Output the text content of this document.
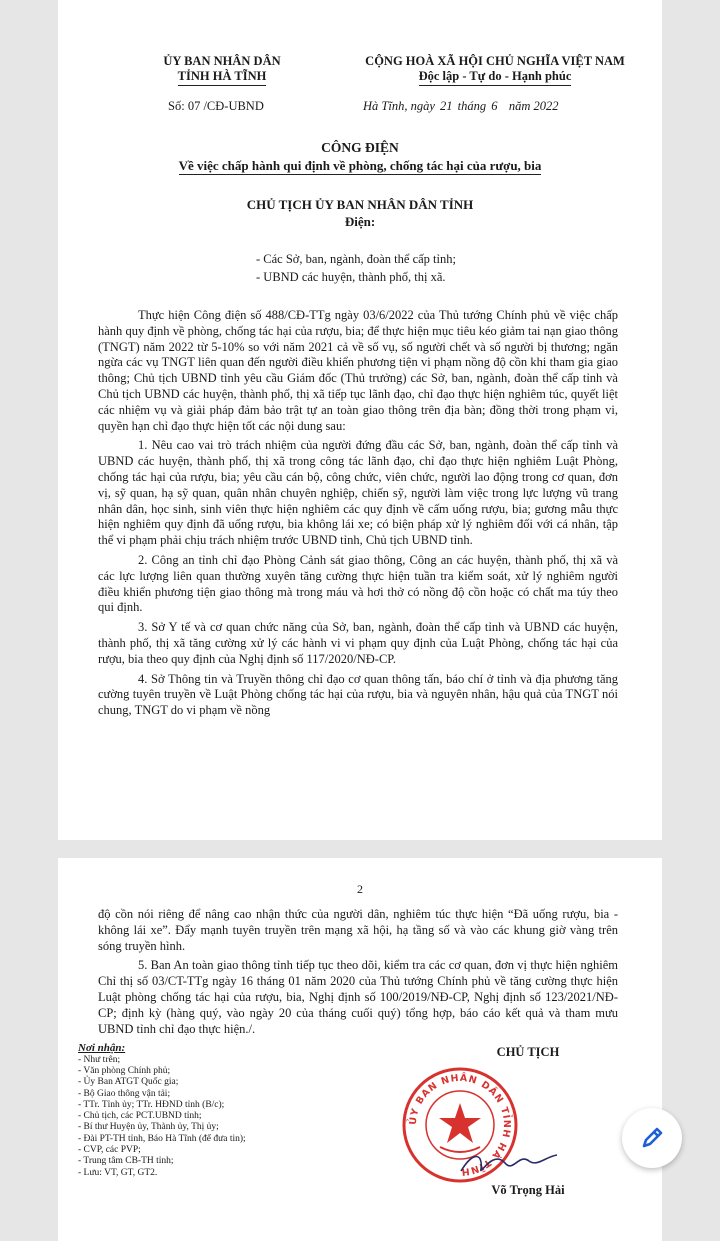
ỦY BAN NHÂN DÂN
TỈNH HÀ TĨNH
CỘNG HOÀ XÃ HỘI CHỦ NGHĨA VIỆT NAM
Độc lập - Tự do - Hạnh phúc
Số: 07 /CĐ-UBND	Hà Tĩnh, ngày 21 tháng 6 năm 2022
CÔNG ĐIỆN
Về việc chấp hành qui định về phòng, chống tác hại của rượu, bia
CHỦ TỊCH ỦY BAN NHÂN DÂN TỈNH
Điện:
- Các Sở, ban, ngành, đoàn thể cấp tỉnh;
- UBND các huyện, thành phố, thị xã.

Thực hiện Công điện số 488/CĐ-TTg ngày 03/6/2022 của Thủ tướng Chính phủ về việc chấp hành quy định về phòng, chống tác hại của rượu, bia; để thực hiện mục tiêu kéo giảm tai nạn giao thông (TNGT) năm 2022 từ 5-10% so với năm 2021 cả về số vụ, số người chết và số người bị thương; ngăn ngừa các vụ TNGT liên quan đến người điều khiển phương tiện vi phạm nồng độ cồn khi tham gia giao thông; Chủ tịch UBND tỉnh yêu cầu Giám đốc (Thủ trưởng) các Sở, ban, ngành, đoàn thể cấp tỉnh và Chủ tịch UBND các huyện, thành phố, thị xã tiếp tục lãnh đạo, chỉ đạo thực hiện nghiêm túc, quyết liệt các nhiệm vụ và giải pháp đảm bảo trật tự an toàn giao thông trên địa bàn; đồng thời trong phạm vi, quyền hạn chỉ đạo thực hiện tốt các nội dung sau:

1. Nêu cao vai trò trách nhiệm của người đứng đầu các Sở, ban, ngành, đoàn thể cấp tỉnh và UBND các huyện, thành phố, thị xã trong công tác lãnh đạo, chỉ đạo thực hiện nghiêm Luật Phòng, chống tác hại của rượu, bia; yêu cầu cán bộ, công chức, viên chức, người lao động trong cơ quan, đơn vị, sỹ quan, hạ sỹ quan, quân nhân chuyên nghiệp, chiến sỹ, người làm việc trong lực lượng vũ trang nhân dân, học sinh, sinh viên thực hiện nghiêm các quy định về cấm uống rượu, bia; gương mẫu thực hiện nghiêm quy định đã uống rượu, bia không lái xe; có biện pháp xử lý nghiêm đối với cá nhân, tập thể vi phạm phải chịu trách nhiệm trước UBND tỉnh, Chủ tịch UBND tỉnh.

2. Công an tỉnh chỉ đạo Phòng Cảnh sát giao thông, Công an các huyện, thành phố, thị xã và các lực lượng liên quan thường xuyên tăng cường thực hiện tuần tra kiểm soát, xử lý nghiêm người điều khiển phương tiện giao thông mà trong máu và hơi thở có nồng độ cồn hoặc có chất ma túy theo qui định.

3. Sở Y tế và cơ quan chức năng của Sở, ban, ngành, đoàn thể cấp tỉnh và UBND các huyện, thành phố, thị xã tăng cường xử lý các hành vi vi phạm quy định của Luật Phòng, chống tác hại của rượu, bia theo quy định của Nghị định số 117/2020/NĐ-CP.

4. Sở Thông tin và Truyền thông chỉ đạo cơ quan thông tấn, báo chí ở tỉnh và địa phương tăng cường tuyên truyền về Luật Phòng chống tác hại của rượu, bia và nguyên nhân, hậu quả của TNGT nói chung, TNGT do vi phạm về nồng

2

độ cồn nói riêng để nâng cao nhận thức của người dân, nghiêm túc thực hiện “Đã uống rượu, bia - không lái xe”. Đẩy mạnh tuyên truyền trên mạng xã hội, hạ tầng số và vào các khung giờ vàng trên sóng truyền hình.

5. Ban An toàn giao thông tỉnh tiếp tục theo dõi, kiểm tra các cơ quan, đơn vị thực hiện nghiêm Chỉ thị số 03/CT-TTg ngày 16 tháng 01 năm 2020 của Thủ tướng Chính phủ về tăng cường thực hiện Luật phòng chống tác hại của rượu, bia, Nghị định số 100/2019/NĐ-CP, Nghị định số 123/2021/NĐ-CP; định kỳ (hàng quý, vào ngày 20 của tháng cuối quý) tổng hợp, báo cáo kết quả và tham mưu UBND tỉnh chỉ đạo thực hiện./.

Nơi nhận:
- Như trên;
- Văn phòng Chính phủ;
- Ủy Ban ATGT Quốc gia;
- Bộ Giao thông vận tải;
- TTr. Tỉnh ủy; TTr. HĐND tỉnh (B/c);
- Chủ tịch, các PCT.UBND tỉnh;
- Bí thư Huyện ủy, Thành ủy, Thị ủy;
- Đài PT-TH tỉnh, Báo Hà Tĩnh (để đưa tin);
- CVP, các PVP;
- Trung tâm CB-TH tỉnh;
- Lưu: VT, GT, GT2.
CHỦ TỊCH
Võ Trọng Hải
ỦY BAN NHÂN DÂN TỈNH HÀ TĨNH
